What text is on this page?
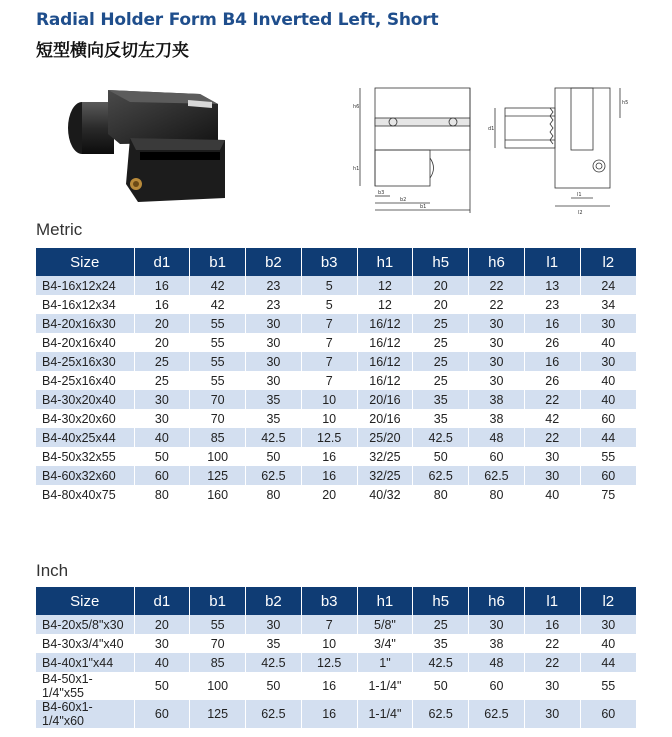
Radial Holder Form B4 Inverted Left, Short
短型横向反切左刀夹
h6
h1
b3
b2
b1
d1
h5
l1
l2
Metric
Size	d1	b1	b2	b3	h1	h5	h6	l1	l2
B4-16x12x24	16	42	23	5	12	20	22	13	24
B4-16x12x34	16	42	23	5	12	20	22	23	34
B4-20x16x30	20	55	30	7	16/12	25	30	16	30
B4-20x16x40	20	55	30	7	16/12	25	30	26	40
B4-25x16x30	25	55	30	7	16/12	25	30	16	30
B4-25x16x40	25	55	30	7	16/12	25	30	26	40
B4-30x20x40	30	70	35	10	20/16	35	38	22	40
B4-30x20x60	30	70	35	10	20/16	35	38	42	60
B4-40x25x44	40	85	42.5	12.5	25/20	42.5	48	22	44
B4-50x32x55	50	100	50	16	32/25	50	60	30	55
B4-60x32x60	60	125	62.5	16	32/25	62.5	62.5	30	60
B4-80x40x75	80	160	80	20	40/32	80	80	40	75
Inch
Size	d1	b1	b2	b3	h1	h5	h6	l1	l2
B4-20x5/8"x30	20	55	30	7	5/8"	25	30	16	30
B4-30x3/4"x40	30	70	35	10	3/4"	35	38	22	40
B4-40x1"x44	40	85	42.5	12.5	1"	42.5	48	22	44
B4-50x1-1/4"x55	50	100	50	16	1-1/4"	50	60	30	55
B4-60x1-1/4"x60	60	125	62.5	16	1-1/4"	62.5	62.5	30	60
